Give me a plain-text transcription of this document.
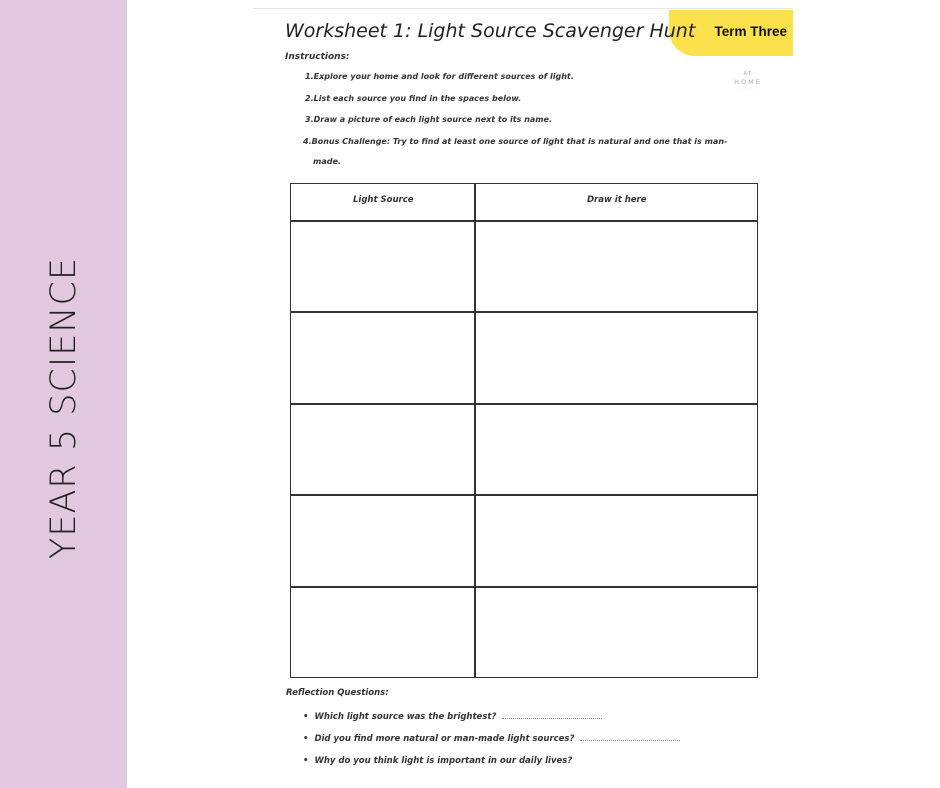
YEAR 5 SCIENCE
Term Three
Worksheet 1: Light Source Scavenger Hunt
AT
HOME
· · · ·
Instructions:
1.Explore your home and look for different sources of light.
2.List each source you find in the spaces below.
3.Draw a picture of each light source next to its name.
4.Bonus Challenge: Try to find at least one source of light that is natural and one that is man-
made.
Light Source	Draw it here
Reflection Questions:
• Which light source was the brightest?
• Did you find more natural or man-made light sources?
• Why do you think light is important in our daily lives?
